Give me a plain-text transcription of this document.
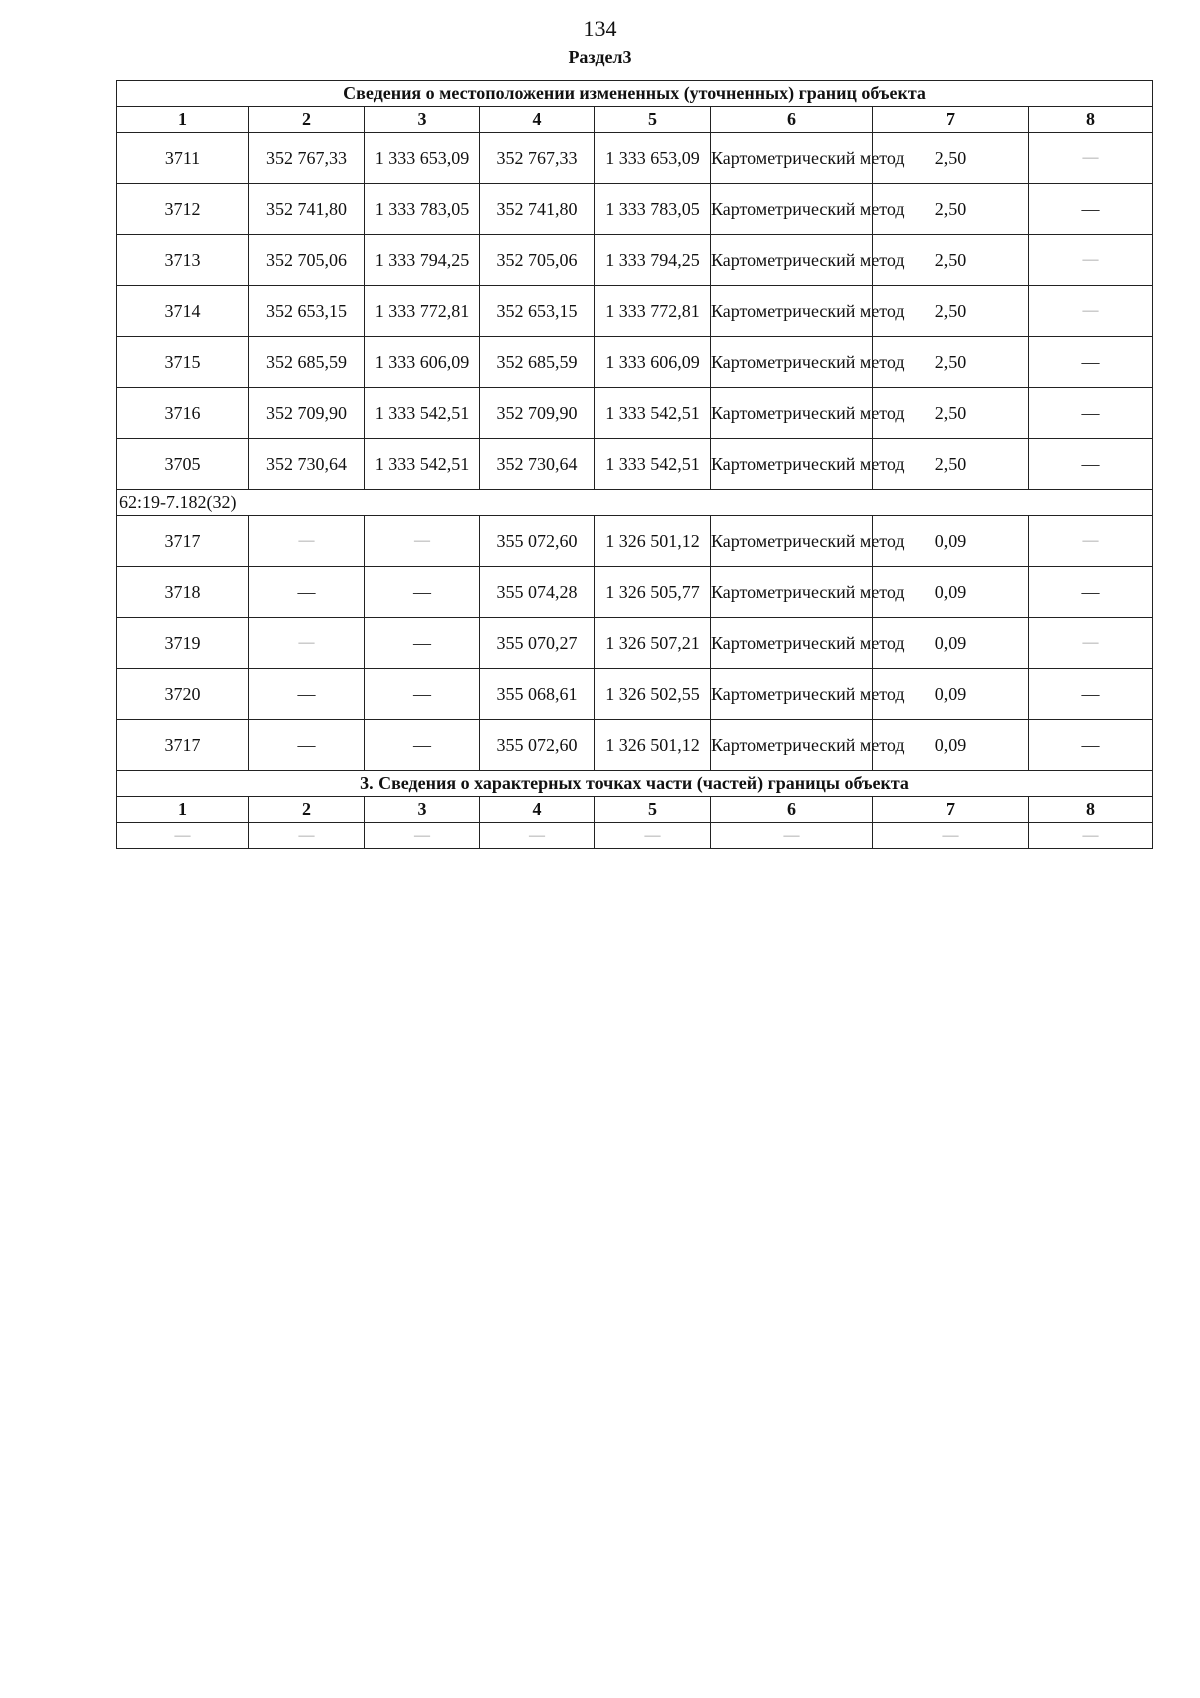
134
Раздел3
Сведения о местоположении измененных (уточненных) границ объекта							
1	2	3	4	5	6	7	8
3711	352 767,33	1 333 653,09	352 767,33	1 333 653,09	Картометрический метод	2,50	—
3712	352 741,80	1 333 783,05	352 741,80	1 333 783,05	Картометрический метод	2,50	—
3713	352 705,06	1 333 794,25	352 705,06	1 333 794,25	Картометрический метод	2,50	—
3714	352 653,15	1 333 772,81	352 653,15	1 333 772,81	Картометрический метод	2,50	—
3715	352 685,59	1 333 606,09	352 685,59	1 333 606,09	Картометрический метод	2,50	—
3716	352 709,90	1 333 542,51	352 709,90	1 333 542,51	Картометрический метод	2,50	—
3705	352 730,64	1 333 542,51	352 730,64	1 333 542,51	Картометрический метод	2,50	—
62:19-7.182(32)							
3717	—	—	355 072,60	1 326 501,12	Картометрический метод	0,09	—
3718	—	—	355 074,28	1 326 505,77	Картометрический метод	0,09	—
3719	—	—	355 070,27	1 326 507,21	Картометрический метод	0,09	—
3720	—	—	355 068,61	1 326 502,55	Картометрический метод	0,09	—
3717	—	—	355 072,60	1 326 501,12	Картометрический метод	0,09	—
3. Сведения о характерных точках части (частей) границы объекта							
1	2	3	4	5	6	7	8
—	—	—	—	—	—	—	—
